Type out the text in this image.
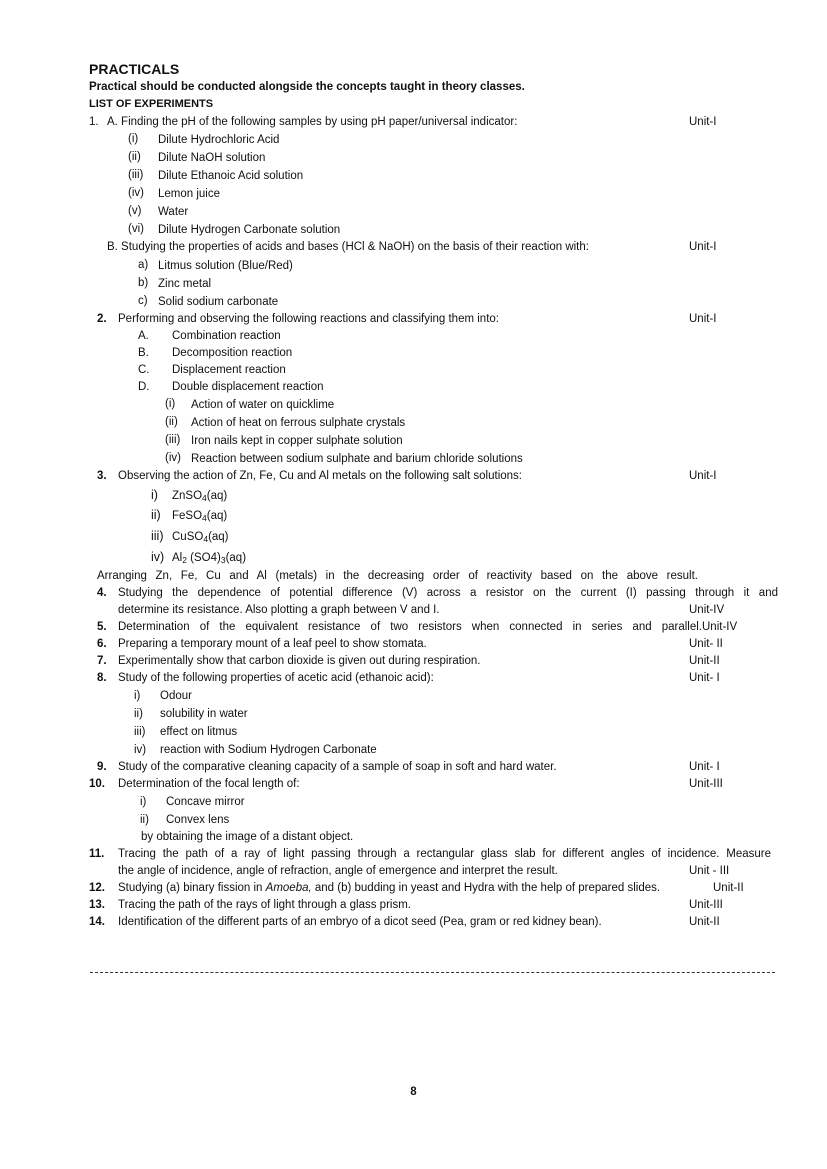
PRACTICALS
Practical should be conducted alongside the concepts taught in theory classes.
LIST OF EXPERIMENTS
1. A. Finding the pH of the following samples by using pH paper/universal indicator:	Unit-I
(i) Dilute Hydrochloric Acid
(ii) Dilute NaOH solution
(iii) Dilute Ethanoic Acid solution
(iv) Lemon juice
(v) Water
(vi) Dilute Hydrogen Carbonate solution
B. Studying the properties of acids and bases (HCl & NaOH) on the basis of their reaction with:	Unit-I
a) Litmus solution (Blue/Red)
b) Zinc metal
c) Solid sodium carbonate
2. Performing and observing the following reactions and classifying them into:	Unit-I
A. Combination reaction
B. Decomposition reaction
C. Displacement reaction
D. Double displacement reaction
(i) Action of water on quicklime
(ii) Action of heat on ferrous sulphate crystals
(iii) Iron nails kept in copper sulphate solution
(iv) Reaction between sodium sulphate and barium chloride solutions
3. Observing the action of Zn, Fe, Cu and Al metals on the following salt solutions:	Unit-I
i) ZnSO$_4$(aq)
ii) FeSO$_4$(aq)
iii) CuSO$_4$(aq)
iv) $Al_2$ $(SO4)_3(aq)$
Arranging Zn, Fe, Cu and Al (metals) in the decreasing order of reactivity based on the above result.
4. Studying the dependence of potential difference (V) across a resistor on the current (I) passing through it and
determine its resistance. Also plotting a graph between V and I.	Unit-IV
5. Determination of the equivalent resistance of two resistors when connected in series and parallel. Unit-IV
6. Preparing a temporary mount of a leaf peel to show stomata.	Unit- II
7. Experimentally show that carbon dioxide is given out during respiration.	Unit-II
8. Study of the following properties of acetic acid (ethanoic acid):	Unit- I
i) Odour
ii) solubility in water
iii) effect on litmus
iv) reaction with Sodium Hydrogen Carbonate
9. Study of the comparative cleaning capacity of a sample of soap in soft and hard water.	Unit- I
10. Determination of the focal length of:	Unit-III
i) Concave mirror
ii) Convex lens
by obtaining the image of a distant object.
11. Tracing the path of a ray of light passing through a rectangular glass slab for different angles of incidence. Measure
the angle of incidence, angle of refraction, angle of emergence and interpret the result.	Unit - III
12. Studying (a) binary fission in Amoeba, and (b) budding in yeast and Hydra with the help of prepared slides.	Unit-II
13. Tracing the path of the rays of light through a glass prism.	Unit-III
14. Identification of the different parts of an embryo of a dicot seed (Pea, gram or red kidney bean).	Unit-II
8
